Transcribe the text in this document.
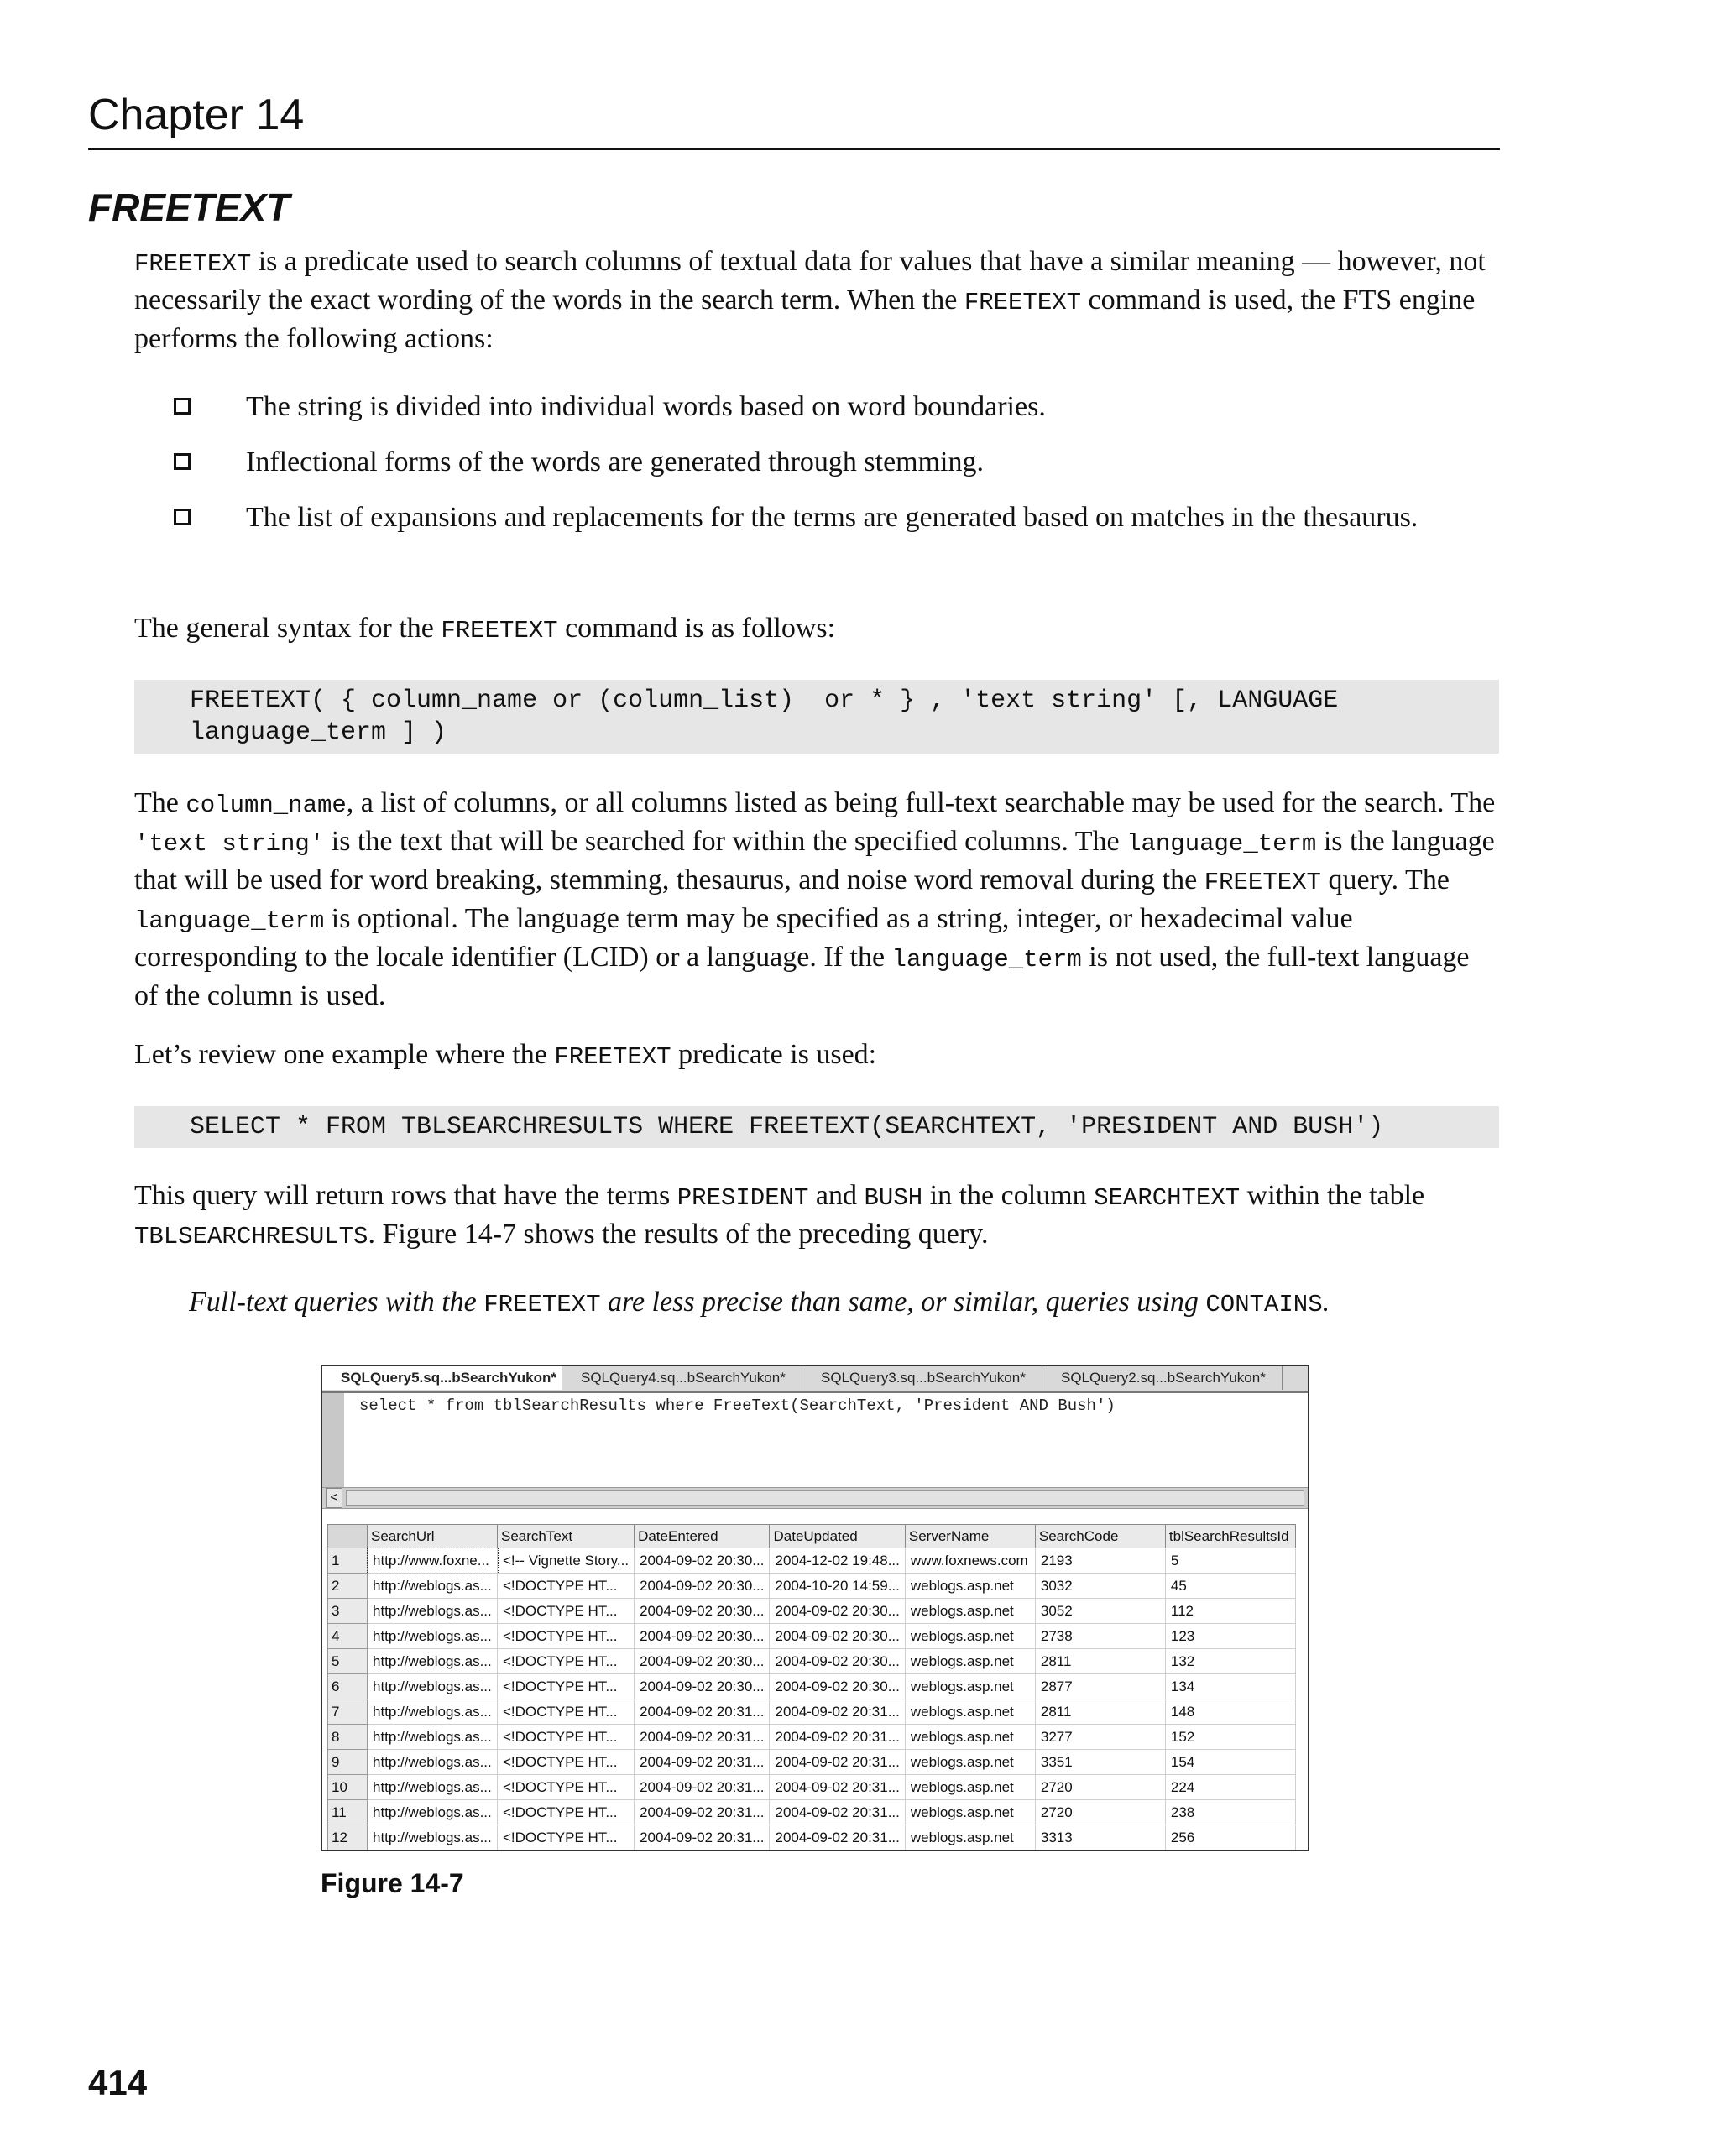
Chapter 14
FREETEXT
FREETEXT is a predicate used to search columns of textual data for values that have a similar meaning — however, not necessarily the exact wording of the words in the search term. When the FREETEXT command is used, the FTS engine performs the following actions:
The string is divided into individual words based on word boundaries.
Inflectional forms of the words are generated through stemming.
The list of expansions and replacements for the terms are generated based on matches in the thesaurus.
The general syntax for the FREETEXT command is as follows:
FREETEXT( { column_name or (column_list)  or * } , 'text string' [, LANGUAGE
language_term ] )
The column_name, a list of columns, or all columns listed as being full-text searchable may be used for the search. The 'text string' is the text that will be searched for within the specified columns. The language_term is the language that will be used for word breaking, stemming, thesaurus, and noise word removal during the FREETEXT query. The language_term is optional. The language term may be specified as a string, integer, or hexadecimal value corresponding to the locale identifier (LCID) or a language. If the language_term is not used, the full-text language of the column is used.
Let’s review one example where the FREETEXT predicate is used:
SELECT * FROM TBLSEARCHRESULTS WHERE FREETEXT(SEARCHTEXT, 'PRESIDENT AND BUSH')
This query will return rows that have the terms PRESIDENT and BUSH in the column SEARCHTEXT within the table TBLSEARCHRESULTS. Figure 14-7 shows the results of the preceding query.
Full-text queries with the FREETEXT are less precise than same, or similar, queries using CONTAINS.
SQLQuery5.sq...bSearchYukon*	SQLQuery4.sq...bSearchYukon*	SQLQuery3.sq...bSearchYukon*	SQLQuery2.sq...bSearchYukon*
select * from tblSearchResults where FreeText(SearchText, 'President AND Bush')
<
	SearchUrl	SearchText	DateEntered	DateUpdated	ServerName	SearchCode	tblSearchResultsId
1	http://www.foxne...	<!-- Vignette Story...	2004-09-02 20:30...	2004-12-02 19:48...	www.foxnews.com	2193	5
2	http://weblogs.as...	<!DOCTYPE HT...	2004-09-02 20:30...	2004-10-20 14:59...	weblogs.asp.net	3032	45
3	http://weblogs.as...	<!DOCTYPE HT...	2004-09-02 20:30...	2004-09-02 20:30...	weblogs.asp.net	3052	112
4	http://weblogs.as...	<!DOCTYPE HT...	2004-09-02 20:30...	2004-09-02 20:30...	weblogs.asp.net	2738	123
5	http://weblogs.as...	<!DOCTYPE HT...	2004-09-02 20:30...	2004-09-02 20:30...	weblogs.asp.net	2811	132
6	http://weblogs.as...	<!DOCTYPE HT...	2004-09-02 20:30...	2004-09-02 20:30...	weblogs.asp.net	2877	134
7	http://weblogs.as...	<!DOCTYPE HT...	2004-09-02 20:31...	2004-09-02 20:31...	weblogs.asp.net	2811	148
8	http://weblogs.as...	<!DOCTYPE HT...	2004-09-02 20:31...	2004-09-02 20:31...	weblogs.asp.net	3277	152
9	http://weblogs.as...	<!DOCTYPE HT...	2004-09-02 20:31...	2004-09-02 20:31...	weblogs.asp.net	3351	154
10	http://weblogs.as...	<!DOCTYPE HT...	2004-09-02 20:31...	2004-09-02 20:31...	weblogs.asp.net	2720	224
11	http://weblogs.as...	<!DOCTYPE HT...	2004-09-02 20:31...	2004-09-02 20:31...	weblogs.asp.net	2720	238
12	http://weblogs.as...	<!DOCTYPE HT...	2004-09-02 20:31...	2004-09-02 20:31...	weblogs.asp.net	3313	256
Figure 14-7
414
